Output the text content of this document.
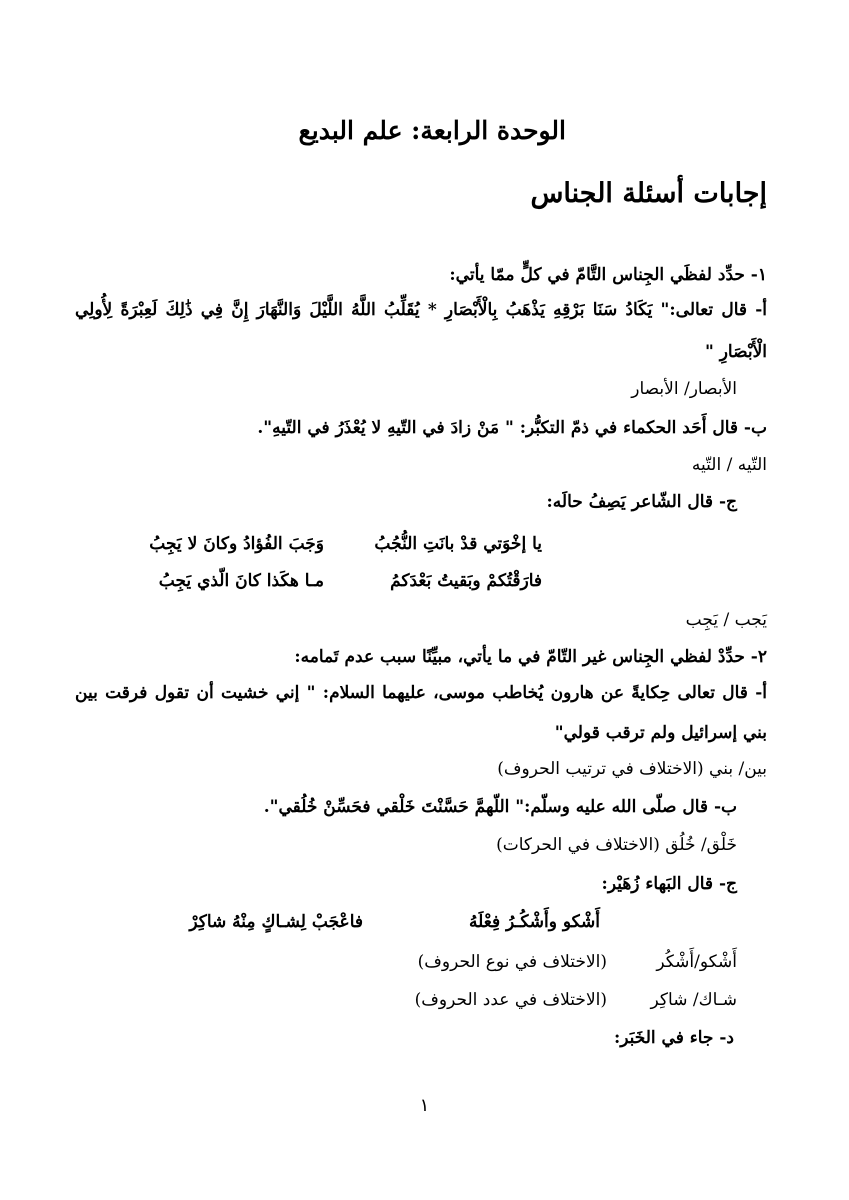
الوحدة الرابعة: علم البديع
إجابات أسئلة الجناس
١- حدِّد لفظَي الجِناس التَّامّ في كلٍّ ممّا يأتي:
أ- قال تعالى:" يَكَادُ سَنَا بَرْقِهِ يَذْهَبُ بِالْأَبْصَارِ * يُقَلِّبُ اللَّهُ اللَّيْلَ وَالنَّهَارَ إِنَّ فِي ذَٰلِكَ لَعِبْرَةً لِأُولِي
الْأَبْصَارِ "
الأبصار/ الأبصار
ب- قال أَحَد الحكماء في ذمّ التكبُّر: " مَنْ زادَ في التّيهِ لا يُعْذَرُ في التّيهِ".
التّيه / التّيه
ج- قال الشّاعر يَصِفُ حالَه:
يا إخْوَتي قدْ بانَتِ النُّجُبُ
وَجَبَ الفُؤادُ وكانَ لا يَجِبُ
فارَقْتُكمْ وبَقيتُ بَعْدَكمُ
مـا هكَذا كانَ الّذي يَجِبُ
يَجب / يَجِب
٢- حدِّدْ لفظي الجِناس غير التّامّ في ما يأتي، مبيِّنًا سبب عدم تَمامه:
أ- قال تعالى حِكايةً عن هارون يُخاطب موسى، عليهما السلام: " إني خشيت أن تقول فرقت بين
بني إسرائيل ولم ترقب قولي"
بين/ بني (الاختلاف في ترتيب الحروف)
ب- قال صلّى الله عليه وسلّم:" اللّهمَّ حَسَّنْتَ خَلْقي فحَسِّنْ خُلُقي".
خَلْق/ خُلُق (الاختلاف في الحركات)
ج- قال البَهاء زُهَيْر:
أَشْكو وأَشْكُـرُ فِعْلَهُ
فاعْجَبْ لِشـاكٍ مِنْهُ شاكِرْ
أَشْكو/أَشْكُر
(الاختلاف في نوع الحروف)
شـاك/ شاكِر
(الاختلاف في عدد الحروف)
د- جاء في الخَبَر:
١
